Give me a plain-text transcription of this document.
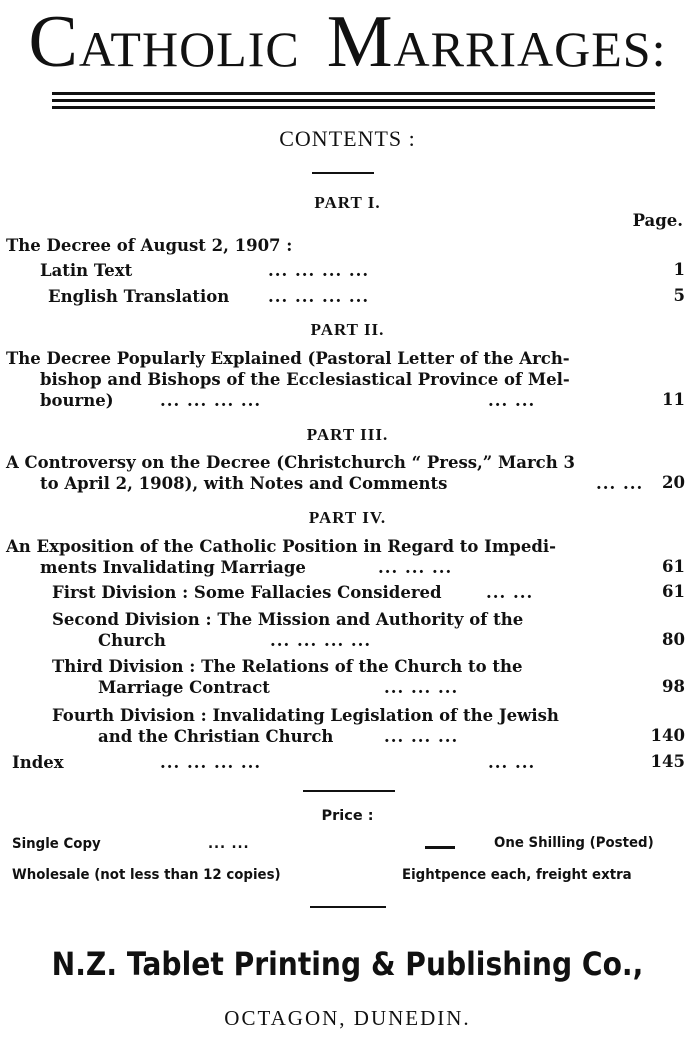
CATHOLIC MARRIAGES:
CONTENTS :
PART I.
Page.
The Decree of August 2, 1907 :
Latin Text	... ... ... ...	1
English Translation ... ... ... ...	5
PART II.
The Decree Popularly Explained (Pastoral Letter of the Arch-
bishop and Bishops of the Ecclesiastical Province of Mel-
bourne)	... ... ... ...	... ...	11
PART III.
A Controversy on the Decree (Christchurch “ Press,” March 3
to April 2, 1908), with Notes and Comments	... ...	20
PART IV.
An Exposition of the Catholic Position in Regard to Impedi-
ments Invalidating Marriage	... ... ...	61
First Division : Some Fallacies Considered	... ...	61
Second Division : The Mission and Authority of the
Church	... ... ... ...	80
Third Division : The Relations of the Church to the
Marriage Contract	... ... ...	98
Fourth Division : Invalidating Legislation of the Jewish
and the Christian Church	... ... ...	140
Index	... ... ... ...	... ...	145
Price :
Single Copy	... ...	One Shilling (Posted)
Wholesale (not less than 12 copies)	Eightpence each, freight extra
N.Z. Tablet Printing & Publishing Co.,
OCTAGON, DUNEDIN.
